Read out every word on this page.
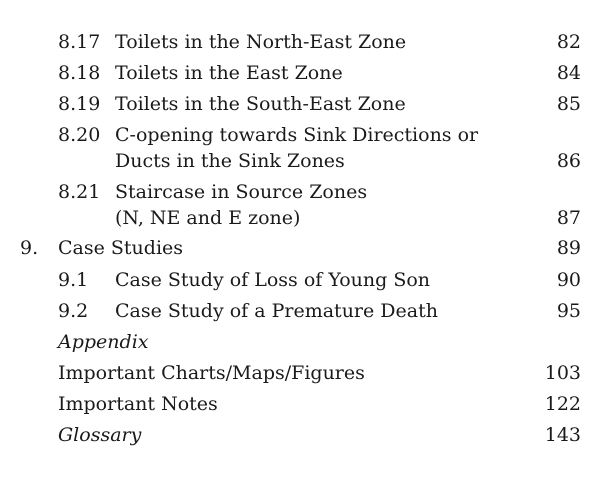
8.17 Toilets in the North-East Zone	82
8.18 Toilets in the East Zone	84
8.19 Toilets in the South-East Zone	85
8.20 C-opening towards Sink Directions or
Ducts in the Sink Zones	86
8.21 Staircase in Source Zones
(N, NE and E zone)	87
9. Case Studies	89
9.1 Case Study of Loss of Young Son	90
9.2 Case Study of a Premature Death	95
Appendix
Important Charts/Maps/Figures	103
Important Notes	122
Glossary	143
